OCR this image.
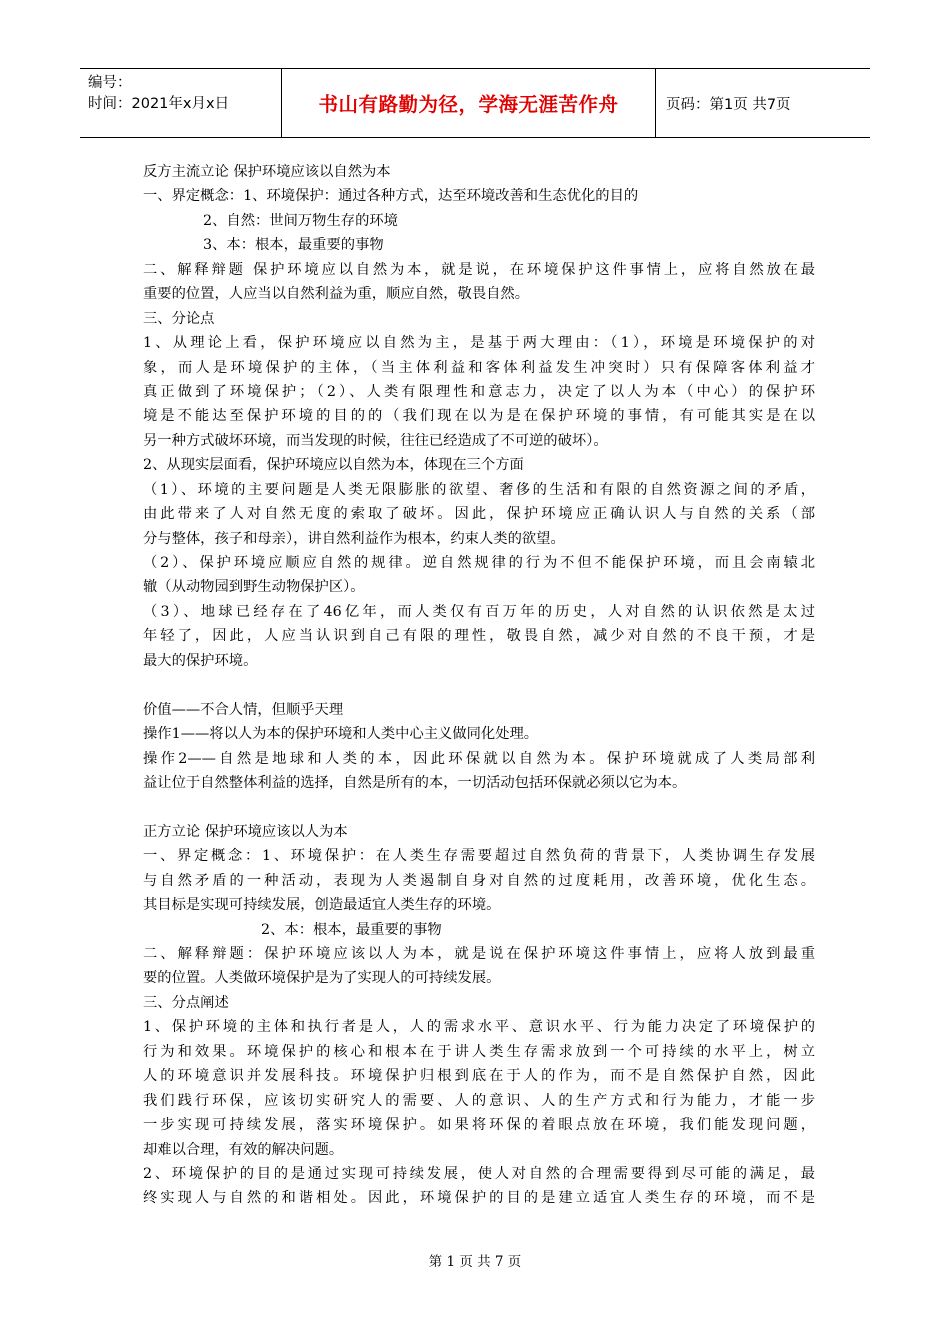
编号：
时间：2021年x月x日	书山有路勤为径，学海无涯苦作舟	页码：第1页 共7页
反方主流立论 保护环境应该以自然为本
一、界定概念：1、环境保护：通过各种方式，达至环境改善和生态优化的目的
2、自然：世间万物生存的环境
3、本：根本，最重要的事物
二、解释辩题 保护环境应以自然为本，就是说，在环境保护这件事情上，应将自然放在最
重要的位置，人应当以自然利益为重，顺应自然，敬畏自然。
三、分论点
1、从理论上看，保护环境应以自然为主，是基于两大理由：（1），环境是环境保护的对
象，而人是环境保护的主体，（当主体利益和客体利益发生冲突时）只有保障客体利益才
真正做到了环境保护；（2）、人类有限理性和意志力，决定了以人为本（中心）的保护环
境是不能达至保护环境的目的的（我们现在以为是在保护环境的事情，有可能其实是在以
另一种方式破坏环境，而当发现的时候，往往已经造成了不可逆的破坏）。
2、从现实层面看，保护环境应以自然为本，体现在三个方面
（1）、环境的主要问题是人类无限膨胀的欲望、奢侈的生活和有限的自然资源之间的矛盾，
由此带来了人对自然无度的索取了破坏。因此，保护环境应正确认识人与自然的关系（部
分与整体，孩子和母亲），讲自然利益作为根本，约束人类的欲望。
（2）、保护环境应顺应自然的规律。逆自然规律的行为不但不能保护环境，而且会南辕北
辙（从动物园到野生动物保护区）。
（3）、地球已经存在了46亿年，而人类仅有百万年的历史，人对自然的认识依然是太过
年轻了，因此，人应当认识到自己有限的理性，敬畏自然，减少对自然的不良干预，才是
最大的保护环境。
价值——不合人情，但顺乎天理
操作1——将以人为本的保护环境和人类中心主义做同化处理。
操作2——自然是地球和人类的本，因此环保就以自然为本。保护环境就成了人类局部利
益让位于自然整体利益的选择，自然是所有的本，一切活动包括环保就必须以它为本。
正方立论 保护环境应该以人为本
一、界定概念：1、环境保护：在人类生存需要超过自然负荷的背景下，人类协调生存发展
与自然矛盾的一种活动，表现为人类遏制自身对自然的过度耗用，改善环境，优化生态。
其目标是实现可持续发展，创造最适宜人类生存的环境。
2、本：根本，最重要的事物
二、解释辩题：保护环境应该以人为本，就是说在保护环境这件事情上，应将人放到最重
要的位置。人类做环境保护是为了实现人的可持续发展。
三、分点阐述
1、保护环境的主体和执行者是人，人的需求水平、意识水平、行为能力决定了环境保护的
行为和效果。环境保护的核心和根本在于讲人类生存需求放到一个可持续的水平上，树立
人的环境意识并发展科技。环境保护归根到底在于人的作为，而不是自然保护自然，因此
我们践行环保，应该切实研究人的需要、人的意识、人的生产方式和行为能力，才能一步
一步实现可持续发展，落实环境保护。如果将环保的着眼点放在环境，我们能发现问题，
却难以合理，有效的解决问题。
2、环境保护的目的是通过实现可持续发展，使人对自然的合理需要得到尽可能的满足，最
终实现人与自然的和谐相处。因此，环境保护的目的是建立适宜人类生存的环境，而不是
第 1 页 共 7 页
